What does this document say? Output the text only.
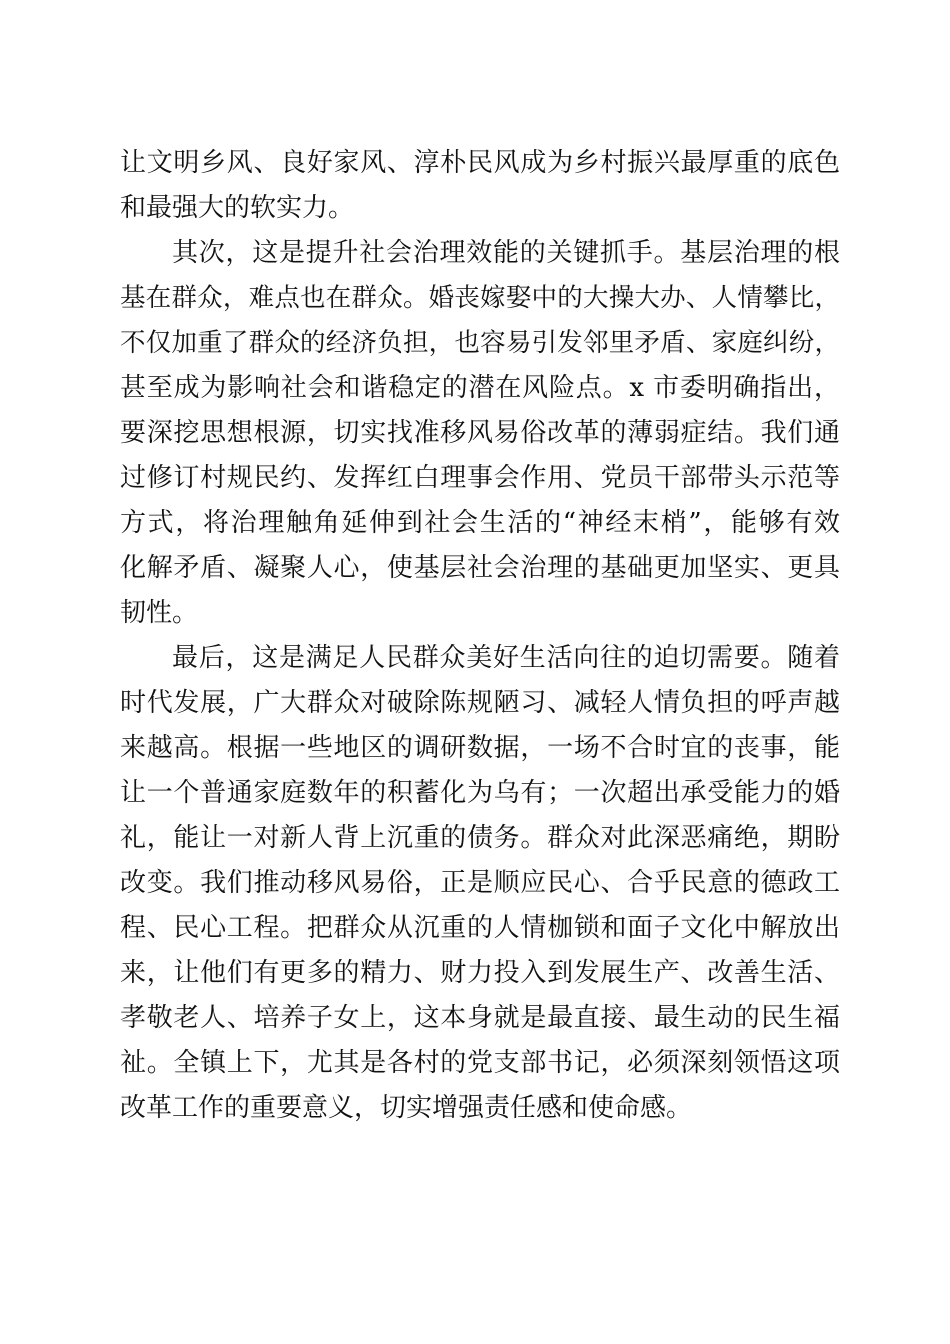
让文明乡风、良好家风、淳朴民风成为乡村振兴最厚重的底色
和最强大的软实力。
其次，这是提升社会治理效能的关键抓手。基层治理的根
基在群众，难点也在群众。婚丧嫁娶中的大操大办、人情攀比，
不仅加重了群众的经济负担，也容易引发邻里矛盾、家庭纠纷，
甚至成为影响社会和谐稳定的潜在风险点。x 市委明确指出，
要深挖思想根源，切实找准移风易俗改革的薄弱症结。我们通
过修订村规民约、发挥红白理事会作用、党员干部带头示范等
方式，将治理触角延伸到社会生活的“神经末梢”，能够有效
化解矛盾、凝聚人心，使基层社会治理的基础更加坚实、更具
韧性。
最后，这是满足人民群众美好生活向往的迫切需要。随着
时代发展，广大群众对破除陈规陋习、减轻人情负担的呼声越
来越高。根据一些地区的调研数据，一场不合时宜的丧事，能
让一个普通家庭数年的积蓄化为乌有；一次超出承受能力的婚
礼，能让一对新人背上沉重的债务。群众对此深恶痛绝，期盼
改变。我们推动移风易俗，正是顺应民心、合乎民意的德政工
程、民心工程。把群众从沉重的人情枷锁和面子文化中解放出
来，让他们有更多的精力、财力投入到发展生产、改善生活、
孝敬老人、培养子女上，这本身就是最直接、最生动的民生福
祉。全镇上下，尤其是各村的党支部书记，必须深刻领悟这项
改革工作的重要意义，切实增强责任感和使命感。
